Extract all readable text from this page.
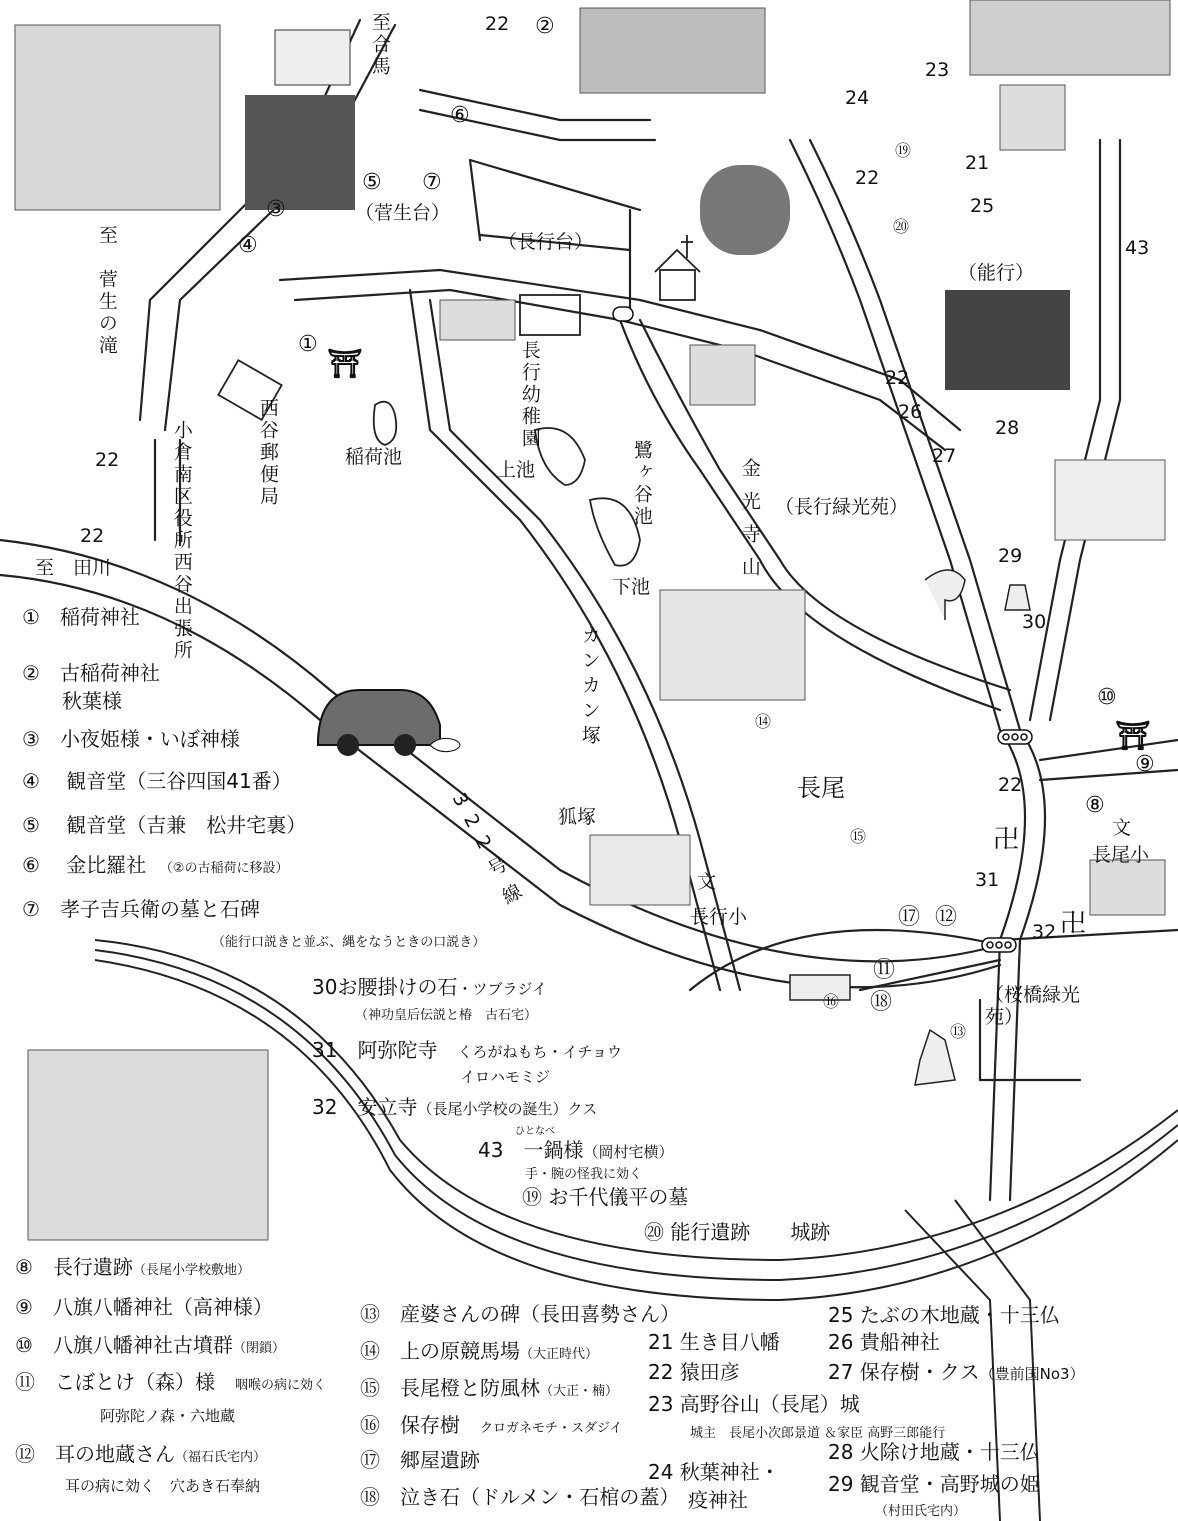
至合馬
至　菅生の滝
至　田川
22
24
23
22
21
25
43
22
22
22
26
28
27
29
30
22
31
32
②
⑥
⑤ ⑦
③
④
①
⑲
⑳
⑭
⑩
⑨
⑧
⑮
⑰ ⑫
⑪
⑯ ⑱
⑬
⛩
⛩
卍
卍
文
文
（菅生台）
（長行台）
（能行）
長行幼稚園
稲荷池
西谷郵便局
小倉南区役所西谷出張所	上池	鷺ヶ谷池
下池	金光寺山 （長行緑光苑）
カンカン塚
長尾
狐塚
長行小
長尾小
（桜橋緑光苑）
322号線
①　 稲荷神社
②　 古稲荷神社
秋葉様
③　 小夜姫様・いぼ神様
④　 観音堂（三谷四国41番）
⑤　 観音堂（吉兼　松井宅裏）
⑥　 金比羅社　 （②の古稲荷に移設）
⑦　 孝子吉兵衛の墓と石碑
（能行口説きと並ぶ、縄をなうときの口説き）
30お腰掛けの石・ツブラジイ
（神功皇后伝説と椿　古石宅）
31　阿弥陀寺　 くろがねもち・イチョウ
イロハモミジ
32　安立寺（長尾小学校の誕生）クス
ひとなべ
43　一鍋様（岡村宅横）
手・腕の怪我に効く
⑲ お千代儀平の墓
⑳ 能行遺跡　　城跡
⑧　 長行遺跡（長尾小学校敷地）
⑨　 八旗八幡神社（高神様）
⑩　 八旗八幡神社古墳群（閉鎖）
⑪　 こぼとけ（森）様　 咽喉の病に効く
阿弥陀ノ森・六地蔵
⑫　 耳の地蔵さん（福石氏宅内）
耳の病に効く　穴あき石奉納
⑬　 産婆さんの碑（長田喜勢さん）
⑭　 上の原競馬場（大正時代）
⑮　 長尾橙と防風林（大正・楠）
⑯　 保存樹　 クロガネモチ・スダジイ
⑰　 郷屋遺跡
⑱　 泣き石（ドルメン・石棺の蓋）
21 生き目八幡
22 猿田彦
23 高野谷山（長尾）城
城主　長尾小次郎景道 ＆家臣 高野三郎能行
24 秋葉神社・
疫神社
25 たぶの木地蔵・十三仏
26 貴船神社
27 保存樹・クス（豊前国No3）
28 火除け地蔵・十三仏
29 観音堂・高野城の姫
（村田氏宅内）
